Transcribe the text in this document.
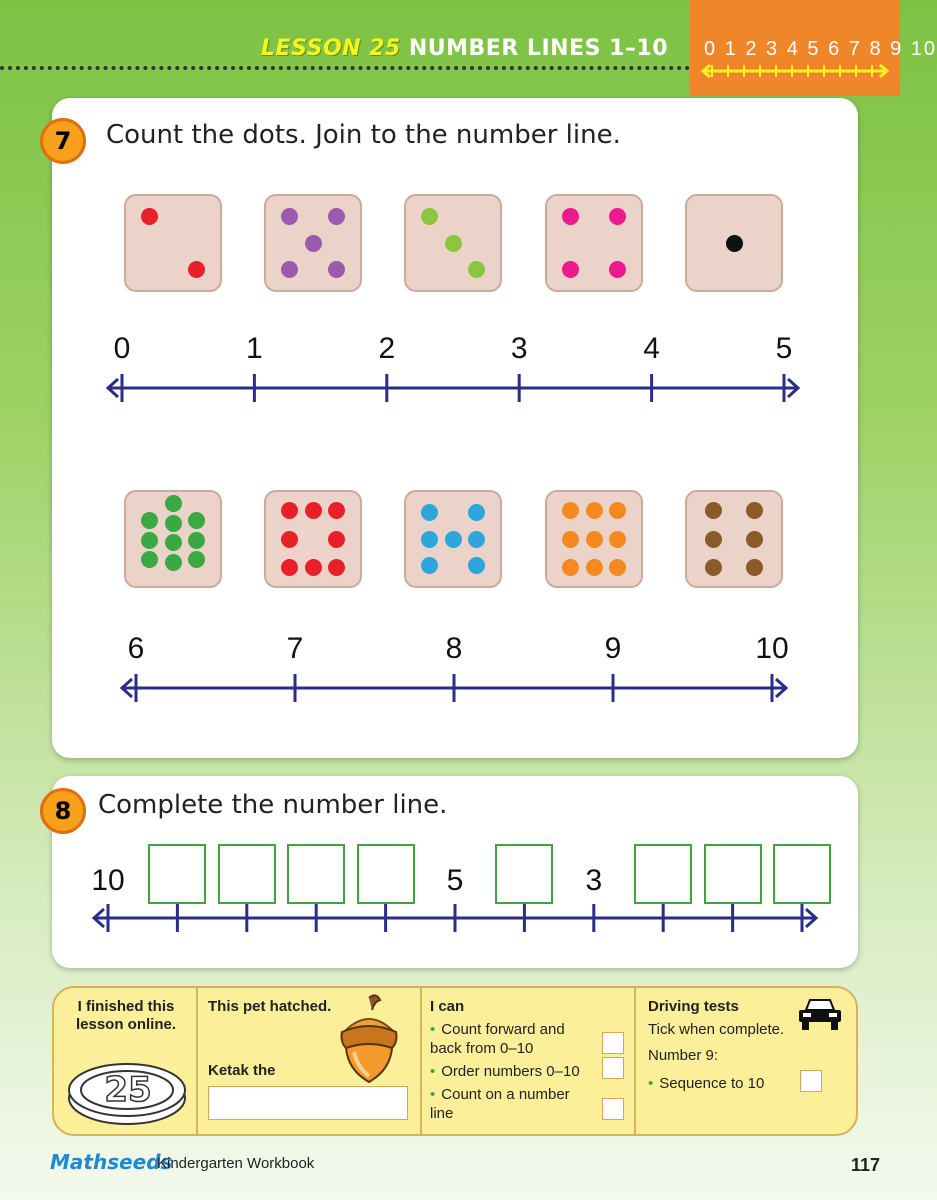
LESSON 25 NUMBER LINES 1–10 0 1 2 3 4 5 6 7 8 9 10
7	Count the dots. Join to the number line.
0	1	2	3	4	5
6	7	8	9	10
8	Complete the number line.
10	5	3
I finished this lesson online.
25
This pet hatched.
Ketak the
I can
• Count forward and back from 0–10
• Order numbers 0–10
• Count on a number line
Driving tests
Tick when complete.
Number 9:
• Sequence to 10
Mathseeds
Kindergarten Workbook	117
